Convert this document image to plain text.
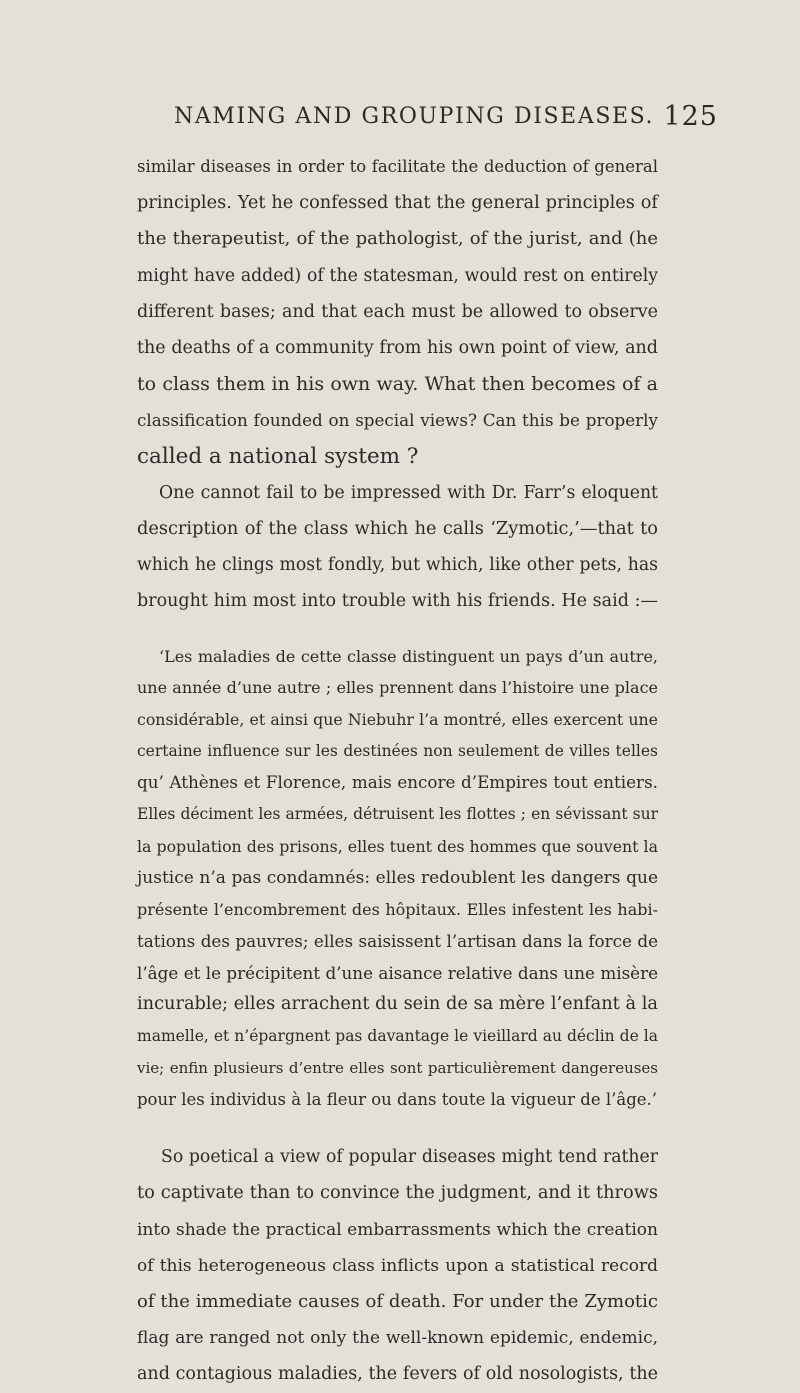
NAMING AND GROUPING DISEASES. 125

similar diseases in order to facilitate the deduction of general
principles. Yet he confessed that the general principles of
the therapeutist, of the pathologist, of the jurist, and (he
might have added) of the statesman, would rest on entirely
different bases; and that each must be allowed to observe
the deaths of a community from his own point of view, and
to class them in his own way. What then becomes of a
classification founded on special views? Can this be properly
called a national system ?

One cannot fail to be impressed with Dr. Farr’s eloquent
description of the class which he calls ‘Zymotic,’—that to
which he clings most fondly, but which, like other pets, has
brought him most into trouble with his friends. He said :—

‘Les maladies de cette classe distinguent un pays d’un autre,
une année d’une autre ; elles prennent dans l’histoire une place
considérable, et ainsi que Niebuhr l’a montré, elles exercent une
certaine influence sur les destinées non seulement de villes telles
qu’ Athènes et Florence, mais encore d’Empires tout entiers.
Elles déciment les armées, détruisent les flottes ; en sévissant sur
la population des prisons, elles tuent des hommes que souvent la
justice n’a pas condamnés: elles redoublent les dangers que
présente l’encombrement des hôpitaux. Elles infestent les habi-
tations des pauvres; elles saisissent l’artisan dans la force de
l’âge et le précipitent d’une aisance relative dans une misère
incurable; elles arrachent du sein de sa mère l’enfant à la
mamelle, et n’épargnent pas davantage le vieillard au déclin de la
vie; enfin plusieurs d’entre elles sont particulièrement dangereuses
pour les individus à la fleur ou dans toute la vigueur de l’âge.’

So poetical a view of popular diseases might tend rather
to captivate than to convince the judgment, and it throws
into shade the practical embarrassments which the creation
of this heterogeneous class inflicts upon a statistical record
of the immediate causes of death. For under the Zymotic
flag are ranged not only the well-known epidemic, endemic,
and contagious maladies, the fevers of old nosologists, the
